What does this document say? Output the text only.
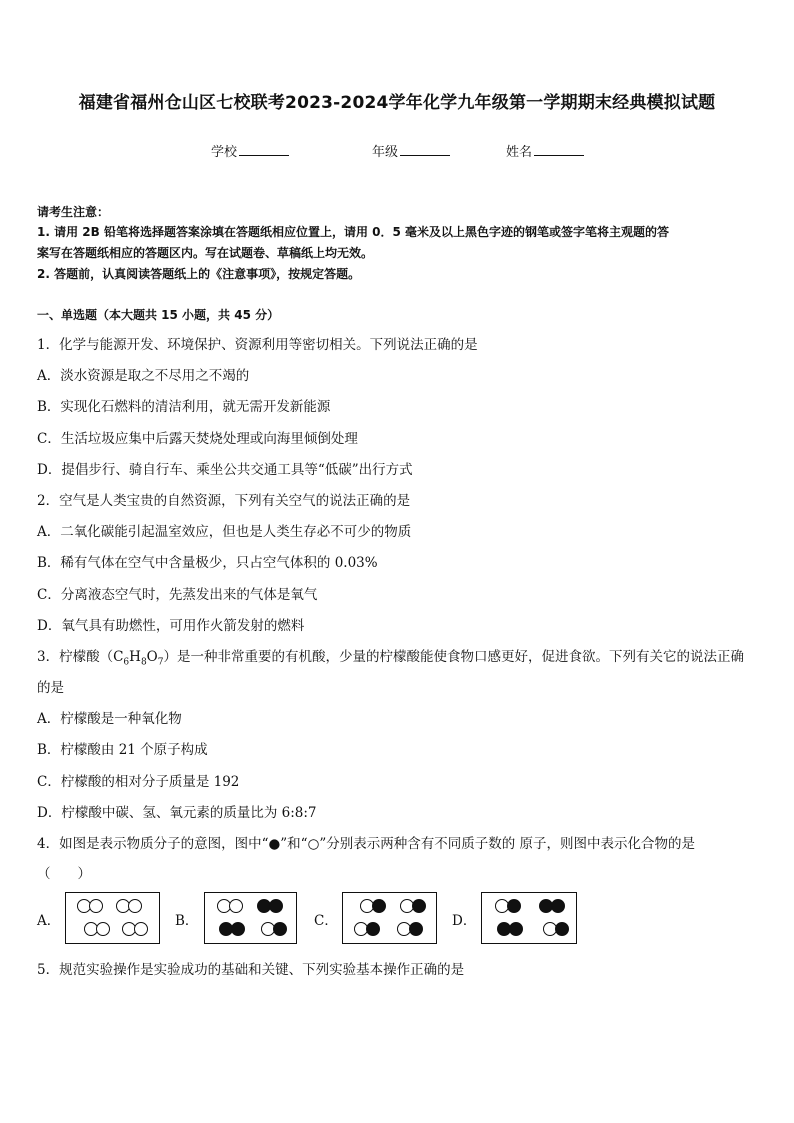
福建省福州仓山区七校联考2023-2024学年化学九年级第一学期期末经典模拟试题
学校	年级	姓名
请考生注意：
1. 请用 2B 铅笔将选择题答案涂填在答题纸相应位置上，请用 0．5 毫米及以上黑色字迹的钢笔或签字笔将主观题的答
案写在答题纸相应的答题区内。写在试题卷、草稿纸上均无效。
2. 答题前，认真阅读答题纸上的《注意事项》，按规定答题。
一、单选题（本大题共 15 小题，共 45 分）
1．化学与能源开发、环境保护、资源利用等密切相关。下列说法正确的是
A．淡水资源是取之不尽用之不竭的
B．实现化石燃料的清洁利用，就无需开发新能源
C．生活垃圾应集中后露天焚烧处理或向海里倾倒处理
D．提倡步行、骑自行车、乘坐公共交通工具等“低碳”出行方式
2．空气是人类宝贵的自然资源，下列有关空气的说法正确的是
A．二氧化碳能引起温室效应，但也是人类生存必不可少的物质
B．稀有气体在空气中含量极少，只占空气体积的 0.03%
C．分离液态空气时，先蒸发出来的气体是氧气
D．氧气具有助燃性，可用作火箭发射的燃料
3．柠檬酸$(C_6H_8O_7)$是一种非常重要的有机酸，少量的柠檬酸能使食物口感更好，促进食欲。下列有关它的说法正确
的是
A．柠檬酸是一种氧化物
B．柠檬酸由 21 个原子构成
C．柠檬酸的相对分子质量是 192
D．柠檬酸中碳、氢、氧元素的质量比为 6:8:7
4．如图是表示物质分子的意图，图中“●”和“○”分别表示两种含有不同质子数的 原子，则图中表示化合物的是
（　　）
A．	B．	C．	D．
5．规范实验操作是实验成功的基础和关键、下列实验基本操作正确的是
